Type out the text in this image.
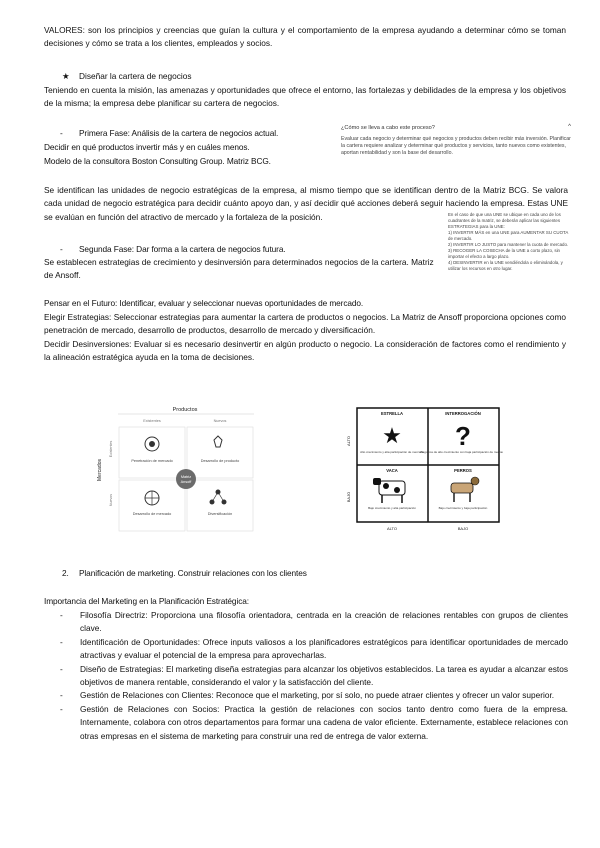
VALORES: son los principios y creencias que guían la cultura y el comportamiento de la empresa ayudando a determinar cómo se toman decisiones y cómo se trata a los clientes, empleados y socios.

★ Diseñar la cartera de negocios

Teniendo en cuenta la misión, las amenazas y oportunidades que ofrece el entorno, las fortalezas y debilidades de la empresa y los objetivos de la misma; la empresa debe planificar su cartera de negocios.

- Primera Fase: Análisis de la cartera de negocios actual.
Decidir en qué productos invertir más y en cuáles menos.
Modelo de la consultora Boston Consulting Group. Matriz BCG.
¿Cómo se lleva a cabo este proceso?	^
Evaluar cada negocio y determinar qué negocios y productos deben recibir más inversión. Planificar la cartera requiere analizar y determinar qué productos y servicios, tanto nuevos como existentes, aportan rentabilidad y son la base del desarrollo.

Se identifican las unidades de negocio estratégicas de la empresa, al mismo tiempo que se identifican dentro de la Matriz BCG. Se valora cada unidad de negocio estratégica para decidir cuánto apoyo dan, y así decidir qué acciones deberá seguir haciendo la empresa. Estas UNE se evalúan en función del atractivo de mercado y la fortaleza de la posición.	En el caso de que una UNE se ubique en cada uno de los cuadrantes de la matriz, se deberán aplicar las siguientes ESTRATEGIAS para la UNE:
1) INVERTIR MÁS en una UNE para AUMENTAR SU CUOTA de mercado.
2) INVERTIR LO JUSTO para mantener la cuota de mercado.
3) RECOGER LA COSECHA de la UNE a corto plazo, sin importar el efecto a largo plazo.
4) DESINVERTIR en la UNE vendiéndola o eliminándola, y utilizar los recursos en otro lugar.
- Segunda Fase: Dar forma a la cartera de negocios futura.

Se establecen estrategias de crecimiento y desinversión para determinados negocios de la cartera. Matriz de Ansoff.

Pensar en el Futuro: Identificar, evaluar y seleccionar nuevas oportunidades de mercado.

Elegir Estrategias: Seleccionar estrategias para aumentar la cartera de productos o negocios. La Matriz de Ansoff proporciona opciones como penetración de mercado, desarrollo de productos, desarrollo de mercado y diversificación.

Decidir Desinversiones: Evaluar si es necesario desinvertir en algún producto o negocio. La consideración de factores como el rendimiento y la alineación estratégica ayuda en la toma de decisiones.

Productos
Existentes	Nuevos
Mercados
Existentes
Nuevos
Penetración de mercado	Desarrollo de producto
Desarrollo de mercado	Diversificación
Matriz
Ansoff
ALTO
BAJO
ESTRELLA	INTERROGACIÓN
★ ?
Alto crecimiento y alta participación de mercado
Negocios de alto crecimiento con baja participación de mercado
VACA	PERROS
Bajo crecimiento y alta participación	Bajo crecimiento y baja participación
ALTO	BAJO
2. Planificación de marketing. Construir relaciones con los clientes
Importancia del Marketing en la Planificación Estratégica:
- Filosofía Directriz: Proporciona una filosofía orientadora, centrada en la creación de relaciones rentables con grupos de clientes clave.
- Identificación de Oportunidades: Ofrece inputs valiosos a los planificadores estratégicos para identificar oportunidades de mercado atractivas y evaluar el potencial de la empresa para aprovecharlas.
- Diseño de Estrategias: El marketing diseña estrategias para alcanzar los objetivos establecidos. La tarea es ayudar a alcanzar estos objetivos de manera rentable, considerando el valor y la satisfacción del cliente.
- Gestión de Relaciones con Clientes: Reconoce que el marketing, por sí solo, no puede atraer clientes y ofrecer un valor superior.
- Gestión de Relaciones con Socios: Practica la gestión de relaciones con socios tanto dentro como fuera de la empresa. Internamente, colabora con otros departamentos para formar una cadena de valor eficiente. Externamente, establece relaciones con otras empresas en el sistema de marketing para construir una red de entrega de valor externa.
